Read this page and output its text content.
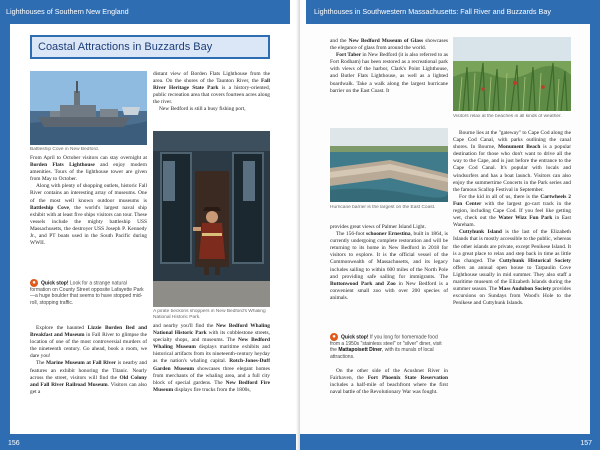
Lighthouses of Southern New England
Coastal Attractions in Buzzards Bay
Battleship Cove in New Bedford.

From April to October visitors can stay overnight at Borden Flats Lighthouse and enjoy modern amenities. Tours of the lighthouse tower are given from May to October.

Along with plenty of shopping outlets, historic Fall River contains an interesting array of museums. One of the most well known outdoor museums is Battleship Cove, the world's largest naval ship exhibit with at least five ships visitors can tour. These vessels include the mighty battleship USS Massachusetts, the destroyer USS Joseph P. Kennedy Jr., and PT boats used in the South Pacific during WWII.

● Quick stop! Look for a strange natural formation on County Street opposite Lafayette Park—a huge boulder that seems to have stopped mid-roll, stopping traffic.

Explore the haunted Lizzie Borden Bed and Breakfast and Museum in Fall River to glimpse the location of one of the most controversial murders of the nineteenth century. Go ahead, book a room, we dare you!

The Marine Museum at Fall River is nearby and features an exhibit honoring the Titanic. Nearly across the street, visitors will find the Old Colony and Fall River Railroad Museum. Visitors can also get a

distant view of Borden Flats Lighthouse from the area. On the shores of the Taunton River, the Fall River Heritage State Park is a history-oriented, public recreation area that covers fourteen acres along the river.

New Bedford is still a busy fishing port,

A pirate beckons shoppers in New Bedford's Whaling National Historic Park.

and nearby you'll find the New Bedford Whaling National Historic Park with its cobblestone streets, specialty shops, and museums. The New Bedford Whaling Museum displays maritime exhibits and historical artifacts from its nineteenth-century heyday as the nation's whaling capital. Rotch-Jones-Duff Garden Museum showcases three elegant homes from merchants of the whaling area, and a full city block of special gardens. The New Bedford Fire Museum displays fire trucks from the 1800s,

156
Lighthouses in Southwestern Massachusetts: Fall River and Buzzards Bay

and the New Bedford Museum of Glass showcases the elegance of glass from around the world.

Fort Taber in New Bedford (it is also referred to as Fort Rodham) has been restored as a recreational park with views of the harbor, Clark's Point Lighthouse, and Butler Flats Lighthouse, as well as a lighted boardwalk. Take a walk along the largest hurricane barrier on the East Coast. It

Hurricane barrier is the largest on the East Coast.

provides great views of Palmer Island Light.

The 156-foot schooner Ernestina, built in 1864, is currently undergoing complete restoration and will be returning to its home in New Bedford in 2018 for visitors to explore. It is the official vessel of the Commonwealth of Massachusetts, and its legacy includes sailing to within 600 miles of the North Pole and providing safe sailing for immigrants. The Buttonwood Park and Zoo in New Bedford is a convenient small zoo with over 200 species of animals.

● Quick stop! If you long for homemade food from a 1950s "stainless steel" or "silver" diner, visit the Mattapoisett Diner, with its murals of local attractions.

On the other side of the Acushnet River in Fairhaven, the Fort Phoenix State Reservation includes a half-mile of beachfront where the first naval battle of the Revolutionary War was fought.

Visitors relax at the beaches in all kinds of weather.

Bourne lies at the "gateway" to Cape Cod along the Cape Cod Canal, with parks outlining the canal shores. In Bourne, Monument Beach is a popular destination for those who don't want to drive all the way to the Cape, and is just before the entrance to the Cape Cod Canal. It's popular with locals and windsurfers and has a boat launch. Visitors can also enjoy the summertime Concerts in the Park series and the famous Scallop Festival in September.

For the kid in all of us, there is the Cartwheels 2 Fun Center with the largest go-cart track in the region, including Cape Cod. If you feel like getting wet, check out the Water Wizz Fun Park in East Wareham.

Cuttyhunk Island is the last of the Elizabeth Islands that is mostly accessible to the public, whereas the other islands are private, except Penikese Island. It is a great place to relax and step back in time as little has changed. The Cuttyhunk Historical Society offers an annual open house to Tarpaulin Cove Lighthouse usually in mid summer. They also staff a maritime museum of the Elizabeth Islands during the summer season. The Mass Audubon Society provides excursions on Sundays from Wood's Hole to the Penikese and Cuttyhunk Islands.

157
